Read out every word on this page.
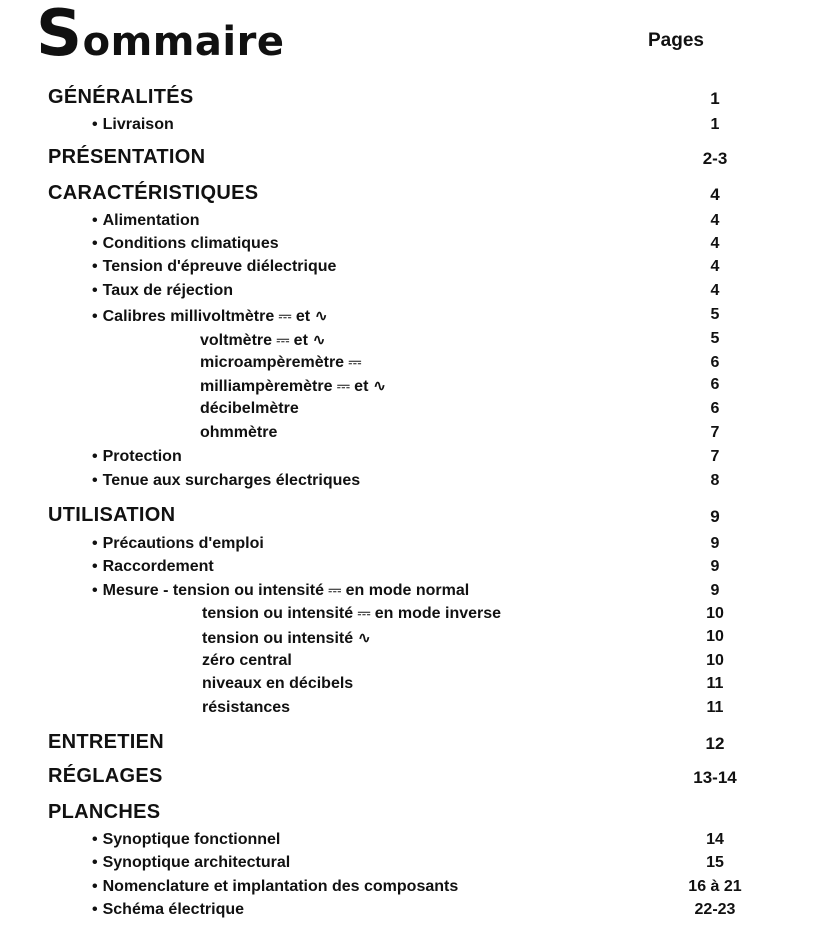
Sommaire	Pages
GÉNÉRALITÉS	1
• Livraison	1
PRÉSENTATION	2-3
CARACTÉRISTIQUES	4
• Alimentation	4
• Conditions climatiques	4
• Tension d'épreuve diélectrique	4
• Taux de réjection	4
• Calibres millivoltmètre ⎓ et ∿	5
voltmètre ⎓ et ∿	5
microampèremètre ⎓	6
milliampèremètre ⎓ et ∿	6
décibelmètre	6
ohmmètre	7
• Protection	7
• Tenue aux surcharges électriques	8
UTILISATION	9
• Précautions d'emploi	9
• Raccordement	9
• Mesure - tension ou intensité ⎓ en mode normal	9
tension ou intensité ⎓ en mode inverse	10
tension ou intensité ∿	10
zéro central	10
niveaux en décibels	11
résistances	11
ENTRETIEN	12
RÉGLAGES	13-14
PLANCHES
• Synoptique fonctionnel	14
• Synoptique architectural	15
• Nomenclature et implantation des composants	16 à 21
• Schéma électrique	22-23
